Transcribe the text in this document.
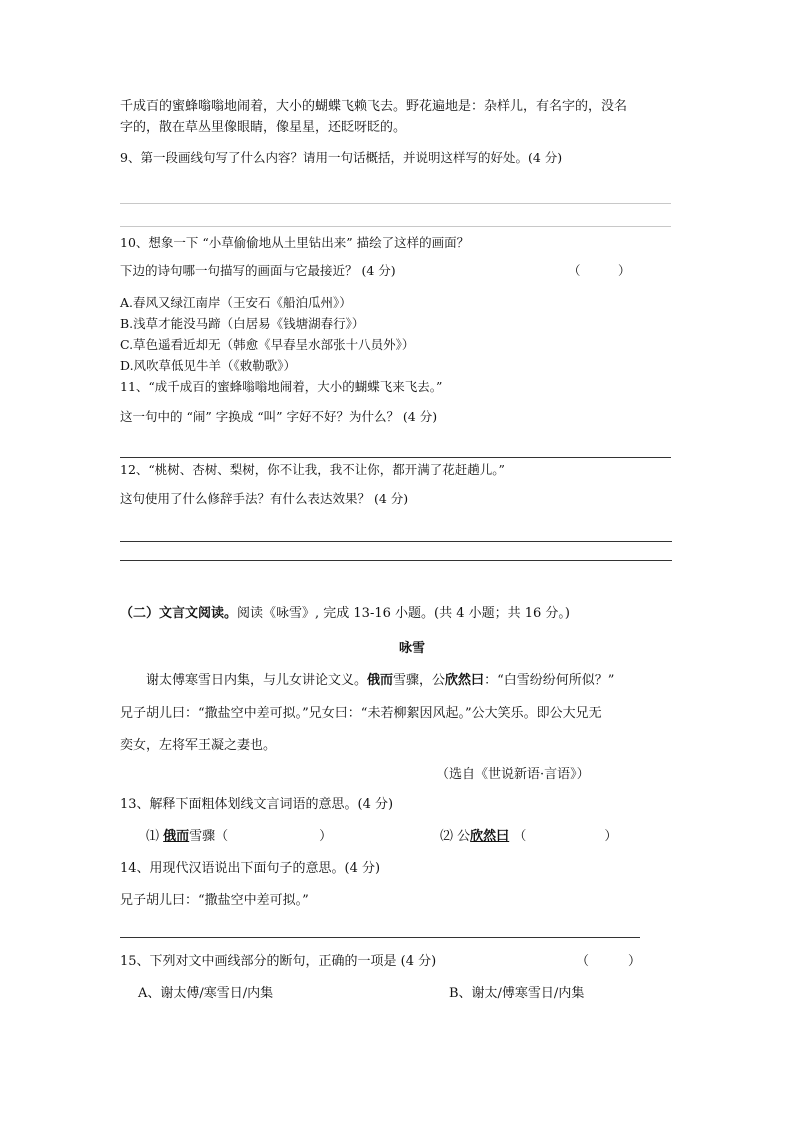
千成百的蜜蜂嗡嗡地闹着，大小的蝴蝶飞赖飞去。野花遍地是：杂样儿，有名字的，没名
字的，散在草丛里像眼睛，像星星，还眨呀眨的。
9、第一段画线句写了什么内容？请用一句话概括，并说明这样写的好处。(4 分)
10、想象一下 “小草偷偷地从土里钻出来” 描绘了这样的画面？
下边的诗句哪一句描写的画面与它最接近？ (4 分)	（　　　）
A.春风又绿江南岸（王安石《船泊瓜州》）
B.浅草才能没马蹄（白居易《钱塘湖春行》）
C.草色遥看近却无（韩愈《早春呈水部张十八员外》）
D.风吹草低见牛羊（《敕勒歌》）
11、“成千成百的蜜蜂嗡嗡地闹着，大小的蝴蝶飞来飞去。”
这一句中的 “闹” 字换成 “叫” 字好不好？为什么？ (4 分)
12、“桃树、杏树、梨树，你不让我，我不让你，都开满了花赶趟儿。”
这句使用了什么修辞手法？有什么表达效果？ (4 分)
（二）文言文阅读。阅读《咏雪》, 完成 13-16 小题。(共 4 小题；共 16 分。)
咏雪
谢太傅寒雪日内集，与儿女讲论文义。俄而雪骤，公欣然曰：“白雪纷纷何所似？”
兄子胡儿曰：“撒盐空中差可拟。”兄女曰：“未若柳絮因风起。”公大笑乐。即公大兄无
奕女，左将军王凝之妻也。
（选自《世说新语·言语》）
13、解释下面粗体划线文言词语的意思。(4 分)
⑴ 俄而雪骤（　　　　　　　）	⑵ 公欣然曰 （　　　　　　）
14、用现代汉语说出下面句子的意思。(4 分)
兄子胡儿曰：“撒盐空中差可拟。”
15、下列对文中画线部分的断句，正确的一项是 (4 分)	（　　　）
A、谢太傅/寒雪日/内集	B、谢太/傅寒雪日/内集
